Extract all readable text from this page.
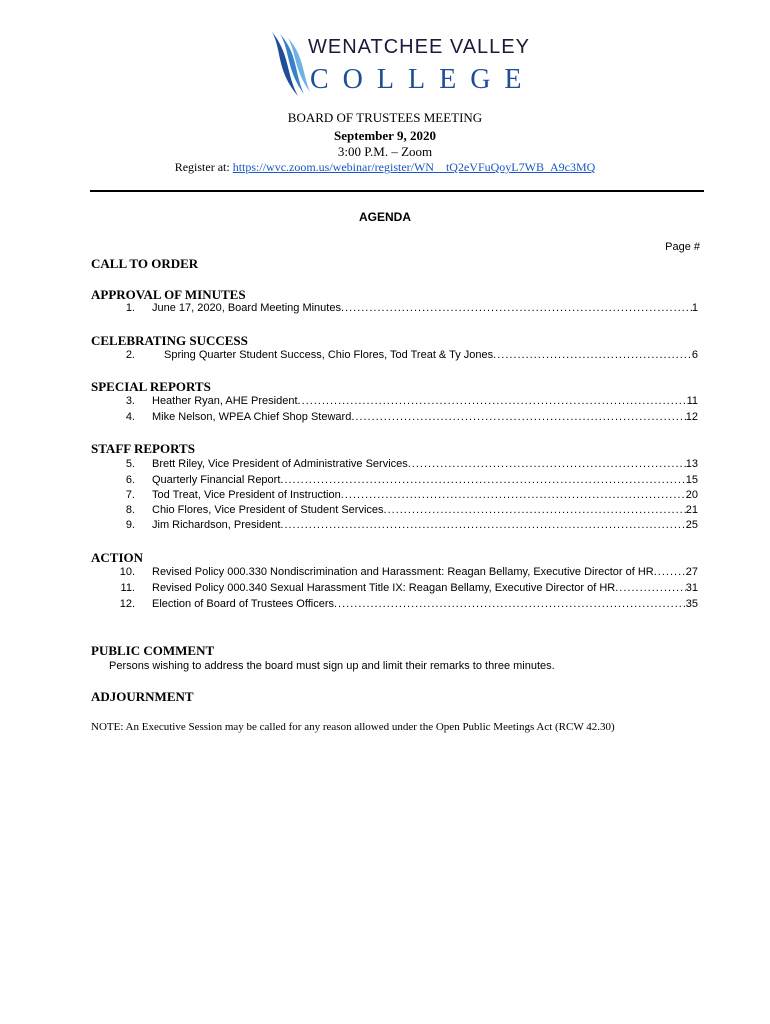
WENATCHEE VALLEY
COLLEGE
BOARD OF TRUSTEES MEETING
September 9, 2020
3:00 P.M. – Zoom
Register at: https://wvc.zoom.us/webinar/register/WN__tQ2eVFuQoyL7WB_A9c3MQ
AGENDA
Page #
CALL TO ORDER
APPROVAL OF MINUTES
1. June 17, 2020, Board Meeting Minutes .....	1
CELEBRATING SUCCESS
2.	Spring Quarter Student Success, Chio Flores, Tod Treat & Ty Jones .....	6
SPECIAL REPORTS
3. Heather Ryan, AHE President .....	11
4. Mike Nelson, WPEA Chief Shop Steward .....	12
STAFF REPORTS
5. Brett Riley, Vice President of Administrative Services .....	13
6. Quarterly Financial Report .....	15
7. Tod Treat, Vice President of Instruction .....	20
8. Chio Flores, Vice President of Student Services .....	21
9. Jim Richardson, President .....	25
ACTION
10. Revised Policy 000.330 Nondiscrimination and Harassment: Reagan Bellamy, Executive Director of HR .....	27
11. Revised Policy 000.340 Sexual Harassment Title IX: Reagan Bellamy, Executive Director of HR .....	31
12. Election of Board of Trustees Officers .....	35
PUBLIC COMMENT
Persons wishing to address the board must sign up and limit their remarks to three minutes.
ADJOURNMENT
NOTE: An Executive Session may be called for any reason allowed under the Open Public Meetings Act (RCW 42.30)
